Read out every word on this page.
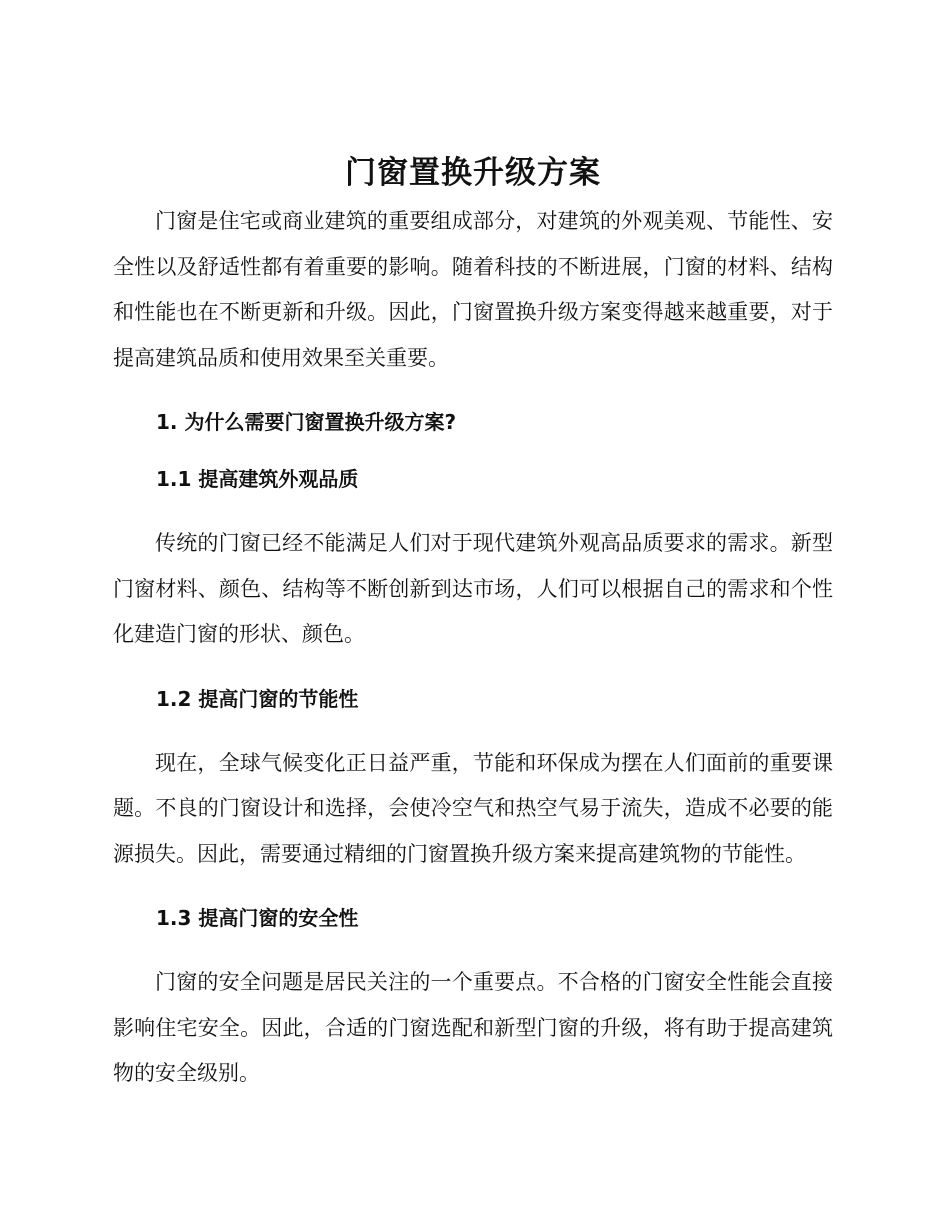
门窗置换升级方案

门窗是住宅或商业建筑的重要组成部分，对建筑的外观美观、节能性、安全性以及舒适性都有着重要的影响。随着科技的不断进展，门窗的材料、结构和性能也在不断更新和升级。因此，门窗置换升级方案变得越来越重要，对于提高建筑品质和使用效果至关重要。

1. 为什么需要门窗置换升级方案?
1.1 提高建筑外观品质

传统的门窗已经不能满足人们对于现代建筑外观高品质要求的需求。新型门窗材料、颜色、结构等不断创新到达市场，人们可以根据自己的需求和个性化建造门窗的形状、颜色。

1.2 提高门窗的节能性

现在，全球气候变化正日益严重，节能和环保成为摆在人们面前的重要课题。不良的门窗设计和选择，会使冷空气和热空气易于流失，造成不必要的能源损失。因此，需要通过精细的门窗置换升级方案来提高建筑物的节能性。

1.3 提高门窗的安全性

门窗的安全问题是居民关注的一个重要点。不合格的门窗安全性能会直接影响住宅安全。因此，合适的门窗选配和新型门窗的升级，将有助于提高建筑物的安全级别。
